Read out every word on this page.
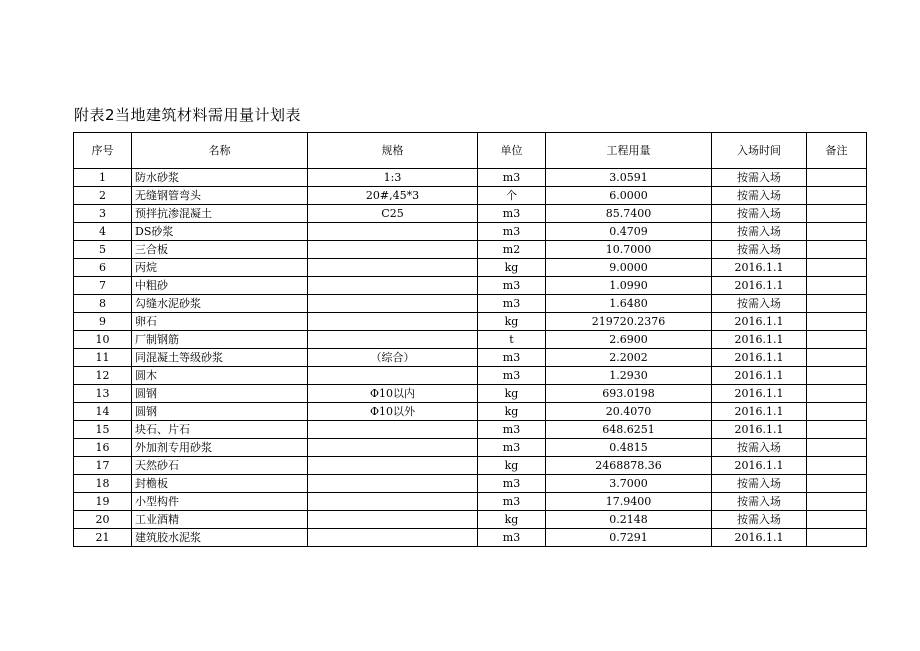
附表2当地建筑材料需用量计划表
序号	名称	规格	单位	工程用量	入场时间	备注
1	防水砂浆	1:3	m3	3.0591	按需入场	
2	无缝钢管弯头	20#,45*3	个	6.0000	按需入场	
3	预拌抗渗混凝土	C25	m3	85.7400	按需入场	
4	DS砂浆		m3	0.4709	按需入场	
5	三合板		m2	10.7000	按需入场	
6	丙烷		kg	9.0000	2016.1.1	
7	中粗砂		m3	1.0990	2016.1.1	
8	勾缝水泥砂浆		m3	1.6480	按需入场	
9	卵石		kg	219720.2376	2016.1.1	
10	厂制钢筋		t	2.6900	2016.1.1	
11	同混凝土等级砂浆	（综合）	m3	2.2002	2016.1.1	
12	圆木		m3	1.2930	2016.1.1	
13	圆钢	Φ10以内	kg	693.0198	2016.1.1	
14	圆钢	Φ10以外	kg	20.4070	2016.1.1	
15	块石、片石		m3	648.6251	2016.1.1	
16	外加剂专用砂浆		m3	0.4815	按需入场	
17	天然砂石		kg	2468878.36	2016.1.1	
18	封檐板		m3	3.7000	按需入场	
19	小型构件		m3	17.9400	按需入场	
20	工业酒精		kg	0.2148	按需入场	
21	建筑胶水泥浆		m3	0.7291	2016.1.1	
